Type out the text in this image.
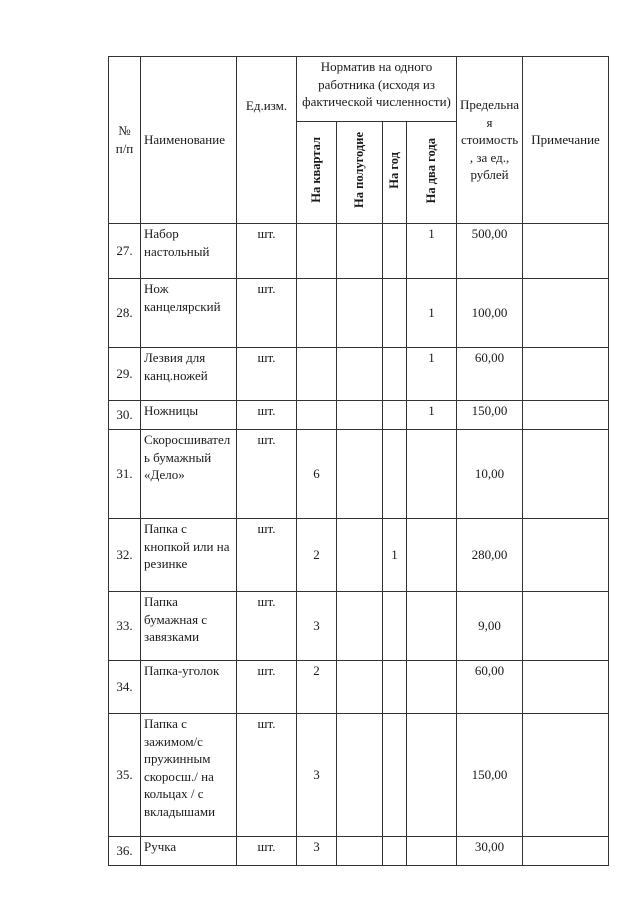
№ п/п	Наименование	Ед.изм.	Норматив на одного работника (исходя из фактической численности)				Предельная стоимость, за ед., рублей	Примечание
			На квартал	На полугодие	На год	На два года		
27.	Набор настольный	шт.				1	500,00	
28.	Нож канцелярский	шт.				1	100,00	
29.	Лезвия для канц.ножей	шт.				1	60,00	
30.	Ножницы	шт.				1	150,00	
31.	Скоросшиватель бумажный «Дело»	шт.	6				10,00	
32.	Папка с кнопкой или на резинке	шт.	2		1		280,00	
33.	Папка бумажная с завязками	шт.	3				9,00	
34.	Папка-уголок	шт.	2				60,00	
35.	Папка с зажимом/с пружинным скоросш./ на кольцах / с вкладышами	шт.	3				150,00	
36.	Ручка	шт.	3				30,00	
